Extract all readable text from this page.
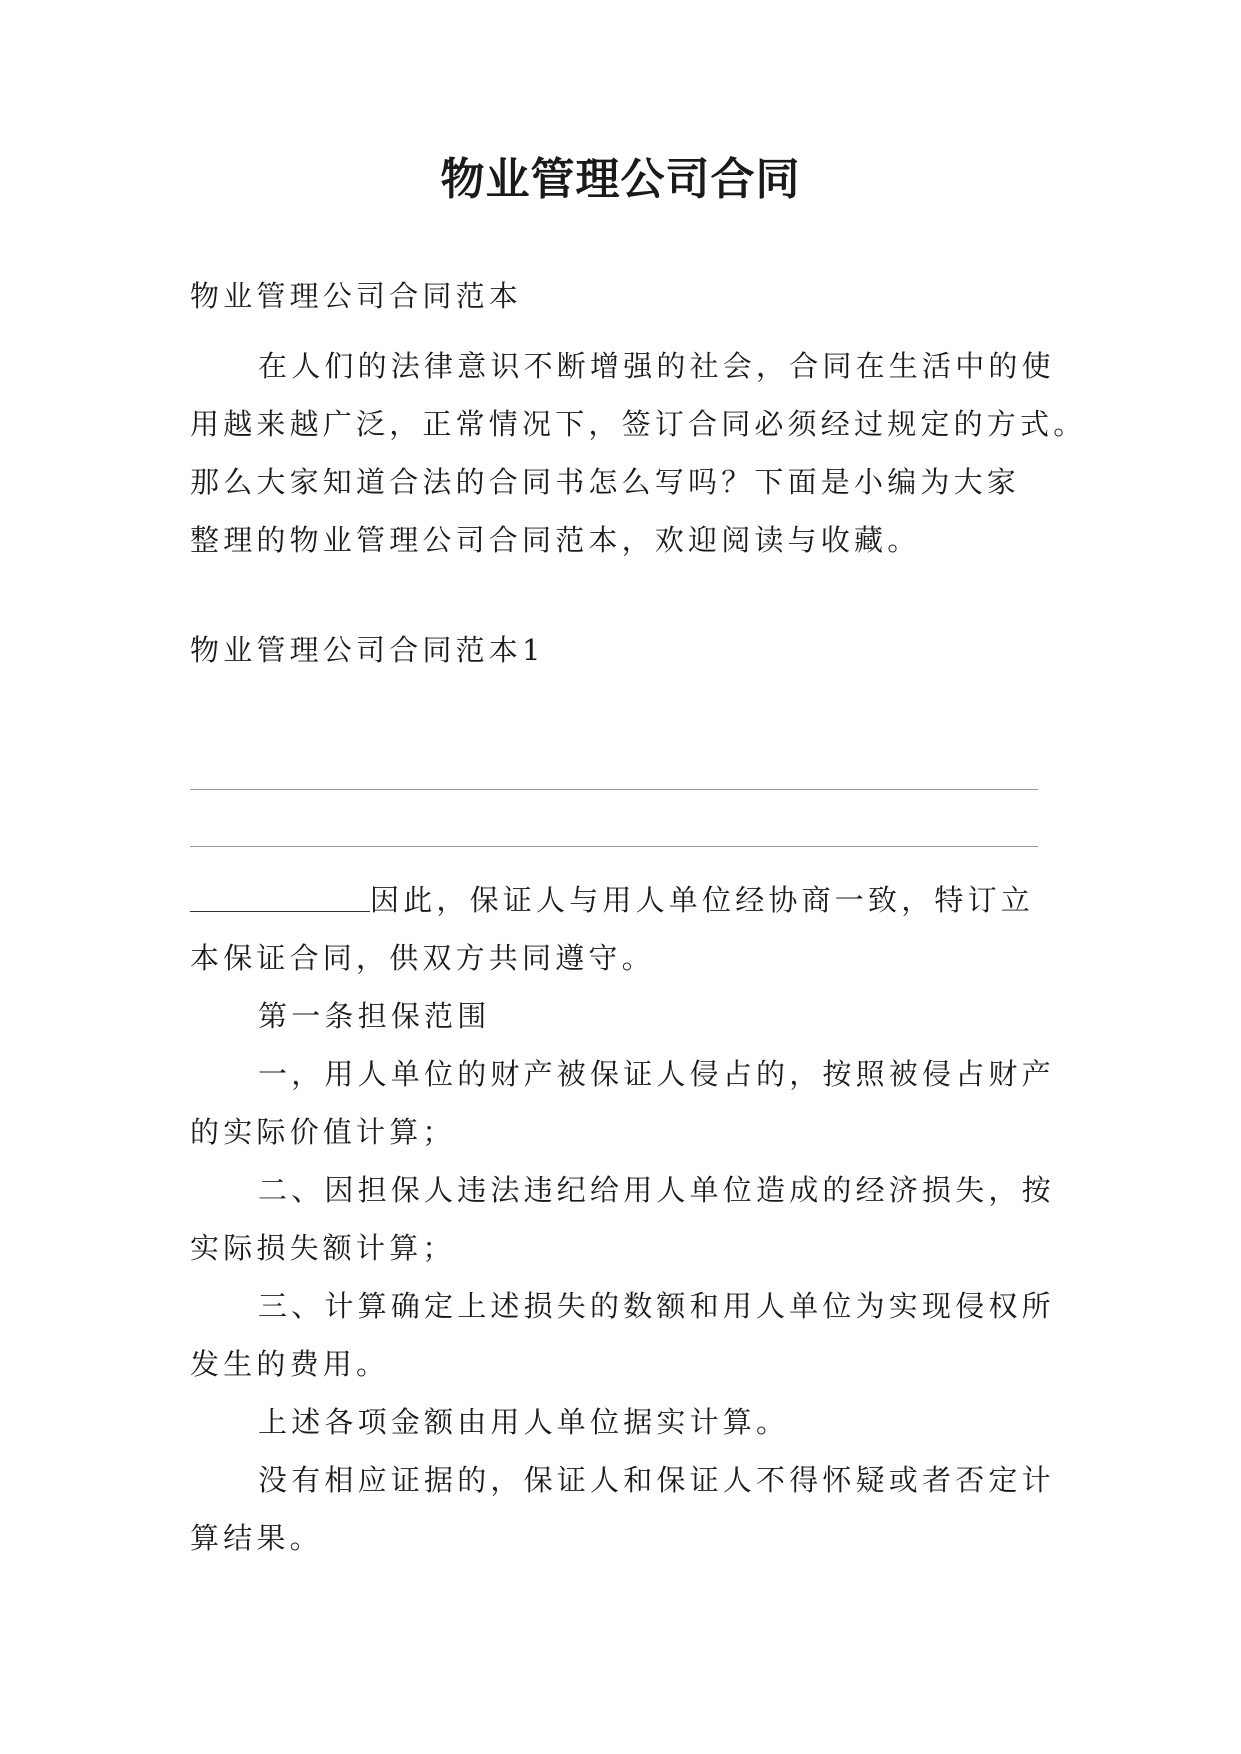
物业管理公司合同
物业管理公司合同范本
在人们的法律意识不断增强的社会，合同在生活中的使
用越来越广泛，正常情况下，签订合同必须经过规定的方式。
那么大家知道合法的合同书怎么写吗？下面是小编为大家
整理的物业管理公司合同范本，欢迎阅读与收藏。
物业管理公司合同范本1
因此，保证人与用人单位经协商一致，特订立
本保证合同，供双方共同遵守。
第一条担保范围
一，用人单位的财产被保证人侵占的，按照被侵占财产
的实际价值计算；
二、因担保人违法违纪给用人单位造成的经济损失，按
实际损失额计算；
三、计算确定上述损失的数额和用人单位为实现侵权所
发生的费用。
上述各项金额由用人单位据实计算。
没有相应证据的，保证人和保证人不得怀疑或者否定计
算结果。
